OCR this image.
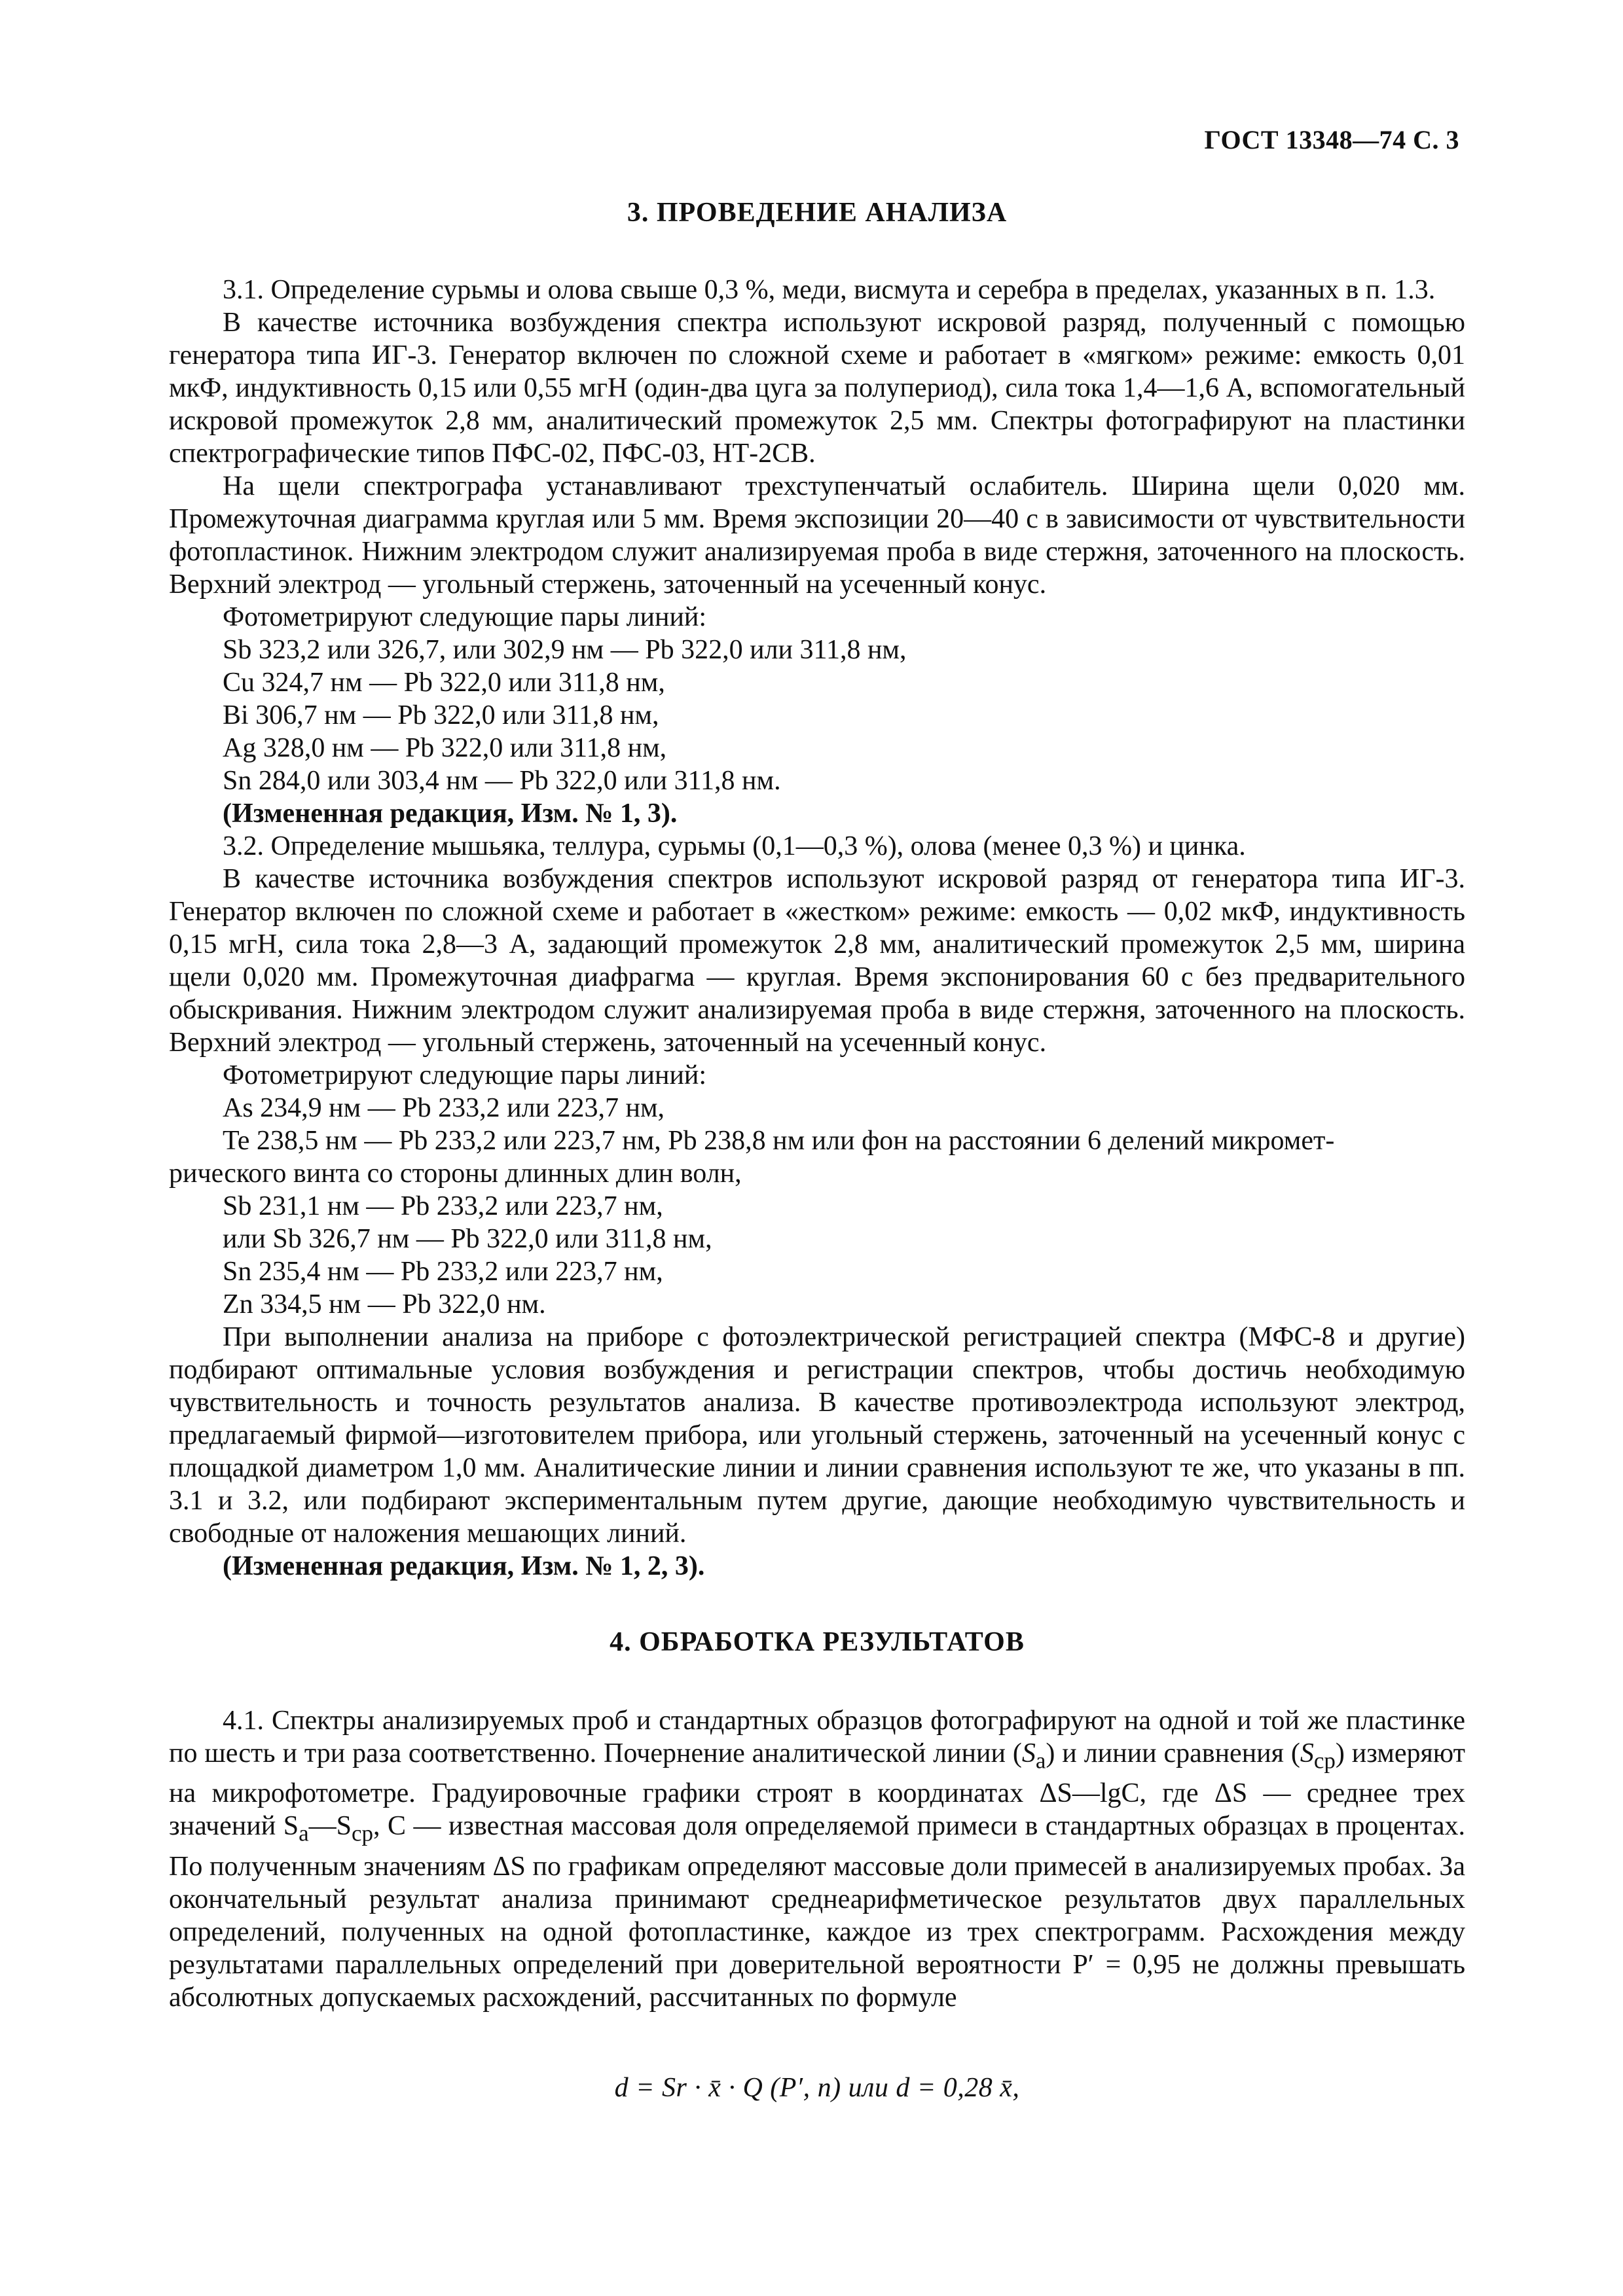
ГОСТ 13348—74 С. 3
3. ПРОВЕДЕНИЕ АНАЛИЗА

3.1. Определение сурьмы и олова свыше 0,3 %, меди, висмута и серебра в пределах, указанных в п. 1.3.

В качестве источника возбуждения спектра используют искровой разряд, полученный с помощью генератора типа ИГ-3. Генератор включен по сложной схеме и работает в «мягком» режиме: емкость 0,01 мкФ, индуктивность 0,15 или 0,55 мгН (один-два цуга за полупериод), сила тока 1,4—1,6 А, вспомогательный искровой промежуток 2,8 мм, аналитический промежуток 2,5 мм. Спектры фотографируют на пластинки спектрографические типов ПФС-02, ПФС-03, НТ-2СВ.

На щели спектрографа устанавливают трехступенчатый ослабитель. Ширина щели 0,020 мм. Промежуточная диаграмма круглая или 5 мм. Время экспозиции 20—40 с в зависимости от чувствительности фотопластинок. Нижним электродом служит анализируемая проба в виде стержня, заточенного на плоскость. Верхний электрод — угольный стержень, заточенный на усеченный конус.

Фотометрируют следующие пары линий:

Sb 323,2 или 326,7, или 302,9 нм — Pb 322,0 или 311,8 нм,

Cu 324,7 нм — Pb 322,0 или 311,8 нм,

Bi 306,7 нм — Pb 322,0 или 311,8 нм,

Ag 328,0 нм — Pb 322,0 или 311,8 нм,

Sn 284,0 или 303,4 нм — Pb 322,0 или 311,8 нм.

(Измененная редакция, Изм. № 1, 3).

3.2. Определение мышьяка, теллура, сурьмы (0,1—0,3 %), олова (менее 0,3 %) и цинка.

В качестве источника возбуждения спектров используют искровой разряд от генератора типа ИГ-3. Генератор включен по сложной схеме и работает в «жестком» режиме: емкость — 0,02 мкФ, индуктивность 0,15 мгН, сила тока 2,8—3 А, задающий промежуток 2,8 мм, аналитический промежуток 2,5 мм, ширина щели 0,020 мм. Промежуточная диафрагма — круглая. Время экспонирования 60 с без предварительного обыскривания. Нижним электродом служит анализируемая проба в виде стержня, заточенного на плоскость. Верхний электрод — угольный стержень, заточенный на усеченный конус.

Фотометрируют следующие пары линий:

As 234,9 нм — Pb 233,2 или 223,7 нм,

Te 238,5 нм — Pb 233,2 или 223,7 нм, Pb 238,8 нм или фон на расстоянии 6 делений микромет-

рического винта со стороны длинных длин волн,

Sb 231,1 нм — Pb 233,2 или 223,7 нм,

или Sb 326,7 нм — Pb 322,0 или 311,8 нм,

Sn 235,4 нм — Pb 233,2 или 223,7 нм,

Zn 334,5 нм — Pb 322,0 нм.

При выполнении анализа на приборе с фотоэлектрической регистрацией спектра (МФС-8 и другие) подбирают оптимальные условия возбуждения и регистрации спектров, чтобы достичь необходимую чувствительность и точность результатов анализа. В качестве противоэлектрода используют электрод, предлагаемый фирмой—изготовителем прибора, или угольный стержень, заточенный на усеченный конус с площадкой диаметром 1,0 мм. Аналитические линии и линии сравнения используют те же, что указаны в пп. 3.1 и 3.2, или подбирают экспериментальным путем другие, дающие необходимую чувствительность и свободные от наложения мешающих линий.

(Измененная редакция, Изм. № 1, 2, 3).

4. ОБРАБОТКА РЕЗУЛЬТАТОВ

4.1. Спектры анализируемых проб и стандартных образцов фотографируют на одной и той же пластинке по шесть и три раза соответственно. Почернение аналитической линии $(S_а)$ и линии сравнения $(S_{ср})$ измеряют на микрофотометре. Градуировочные графики строят в координатах ΔS—lgC, где ΔS — среднее трех значений $S_а—S_{ср}$, C — известная массовая доля определяемой примеси в стандартных образцах в процентах. По полученным значениям ΔS по графикам определяют массовые доли примесей в анализируемых пробах. За окончательный результат анализа принимают среднеарифметическое результатов двух параллельных определений, полученных на одной фотопластинке, каждое из трех спектрограмм. Расхождения между результатами параллельных определений при доверительной вероятности P′ = 0,95 не должны превышать абсолютных допускаемых расхождений, рассчитанных по формуле

d = Sr · x̄ · Q (P′, n) или d = 0,28 x̄,
